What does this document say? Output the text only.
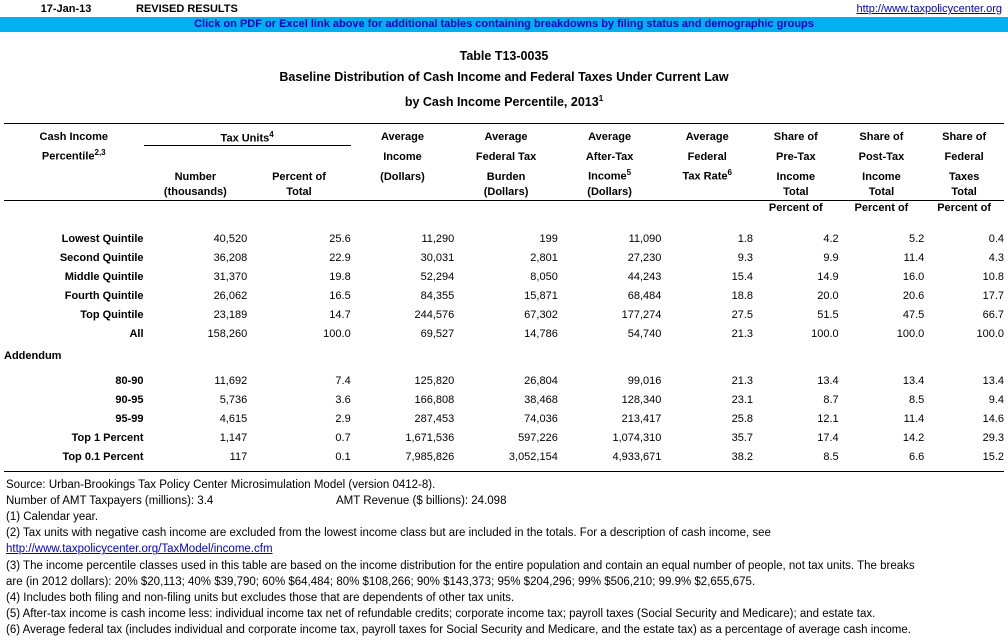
17-Jan-13	REVISED RESULTS	http://www.taxpolicycenter.org
Click on PDF or Excel link above for additional tables containing breakdowns by filing status and demographic groups
Table T13-0035
Baseline Distribution of Cash Income and Federal Taxes Under Current Law
by Cash Income Percentile, 2013$^1$

Cash Income	Tax Units$^4$		Average	Average	Average	Average	Share of	Share of	Share of
Percentile$^{2,3}$			Income	Federal Tax	After-Tax	Federal	Pre-Tax	Post-Tax	Federal
	Number	Percent of	(Dollars)	Burden	Income$^5$	Tax Rate$^6$	Income	Income	Taxes
	(thousands)	Total		(Dollars)	(Dollars)		Total	Total	Total
							Percent of	Percent of	Percent of

Lowest Quintile	40,520	25.6	11,290	199	11,090	1.8	4.2	5.2	0.4
Second Quintile	36,208	22.9	30,031	2,801	27,230	9.3	9.9	11.4	4.3
Middle Quintile	31,370	19.8	52,294	8,050	44,243	15.4	14.9	16.0	10.8
Fourth Quintile	26,062	16.5	84,355	15,871	68,484	18.8	20.0	20.6	17.7
Top Quintile	23,189	14.7	244,576	67,302	177,274	27.5	51.5	47.5	66.7
All	158,260	100.0	69,527	14,786	54,740	21.3	100.0	100.0	100.0

Addendum									

80-90	11,692	7.4	125,820	26,804	99,016	21.3	13.4	13.4	13.4
90-95	5,736	3.6	166,808	38,468	128,340	23.1	8.7	8.5	9.4
95-99	4,615	2.9	287,453	74,036	213,417	25.8	12.1	11.4	14.6
Top 1 Percent	1,147	0.7	1,671,536	597,226	1,074,310	35.7	17.4	14.2	29.3
Top 0.1 Percent	117	0.1	7,985,826	3,052,154	4,933,671	38.2	8.5	6.6	15.2

Source: Urban-Brookings Tax Policy Center Microsimulation Model (version 0412-8).
Number of AMT Taxpayers (millions): 3.4	AMT Revenue ($ billions): 24.098
(1) Calendar year.
(2) Tax units with negative cash income are excluded from the lowest income class but are included in the totals. For a description of cash income, see
http://www.taxpolicycenter.org/TaxModel/income.cfm
(3) The income percentile classes used in this table are based on the income distribution for the entire population and contain an equal number of people, not tax units. The breaks
are (in 2012 dollars): 20% $20,113; 40% $39,790; 60% $64,484; 80% $108,266; 90% $143,373; 95% $204,296; 99% $506,210; 99.9% $2,655,675.
(4) Includes both filing and non-filing units but excludes those that are dependents of other tax units.
(5) After-tax income is cash income less: individual income tax net of refundable credits; corporate income tax; payroll taxes (Social Security and Medicare); and estate tax.
(6) Average federal tax (includes individual and corporate income tax, payroll taxes for Social Security and Medicare, and the estate tax) as a percentage of average cash income.
